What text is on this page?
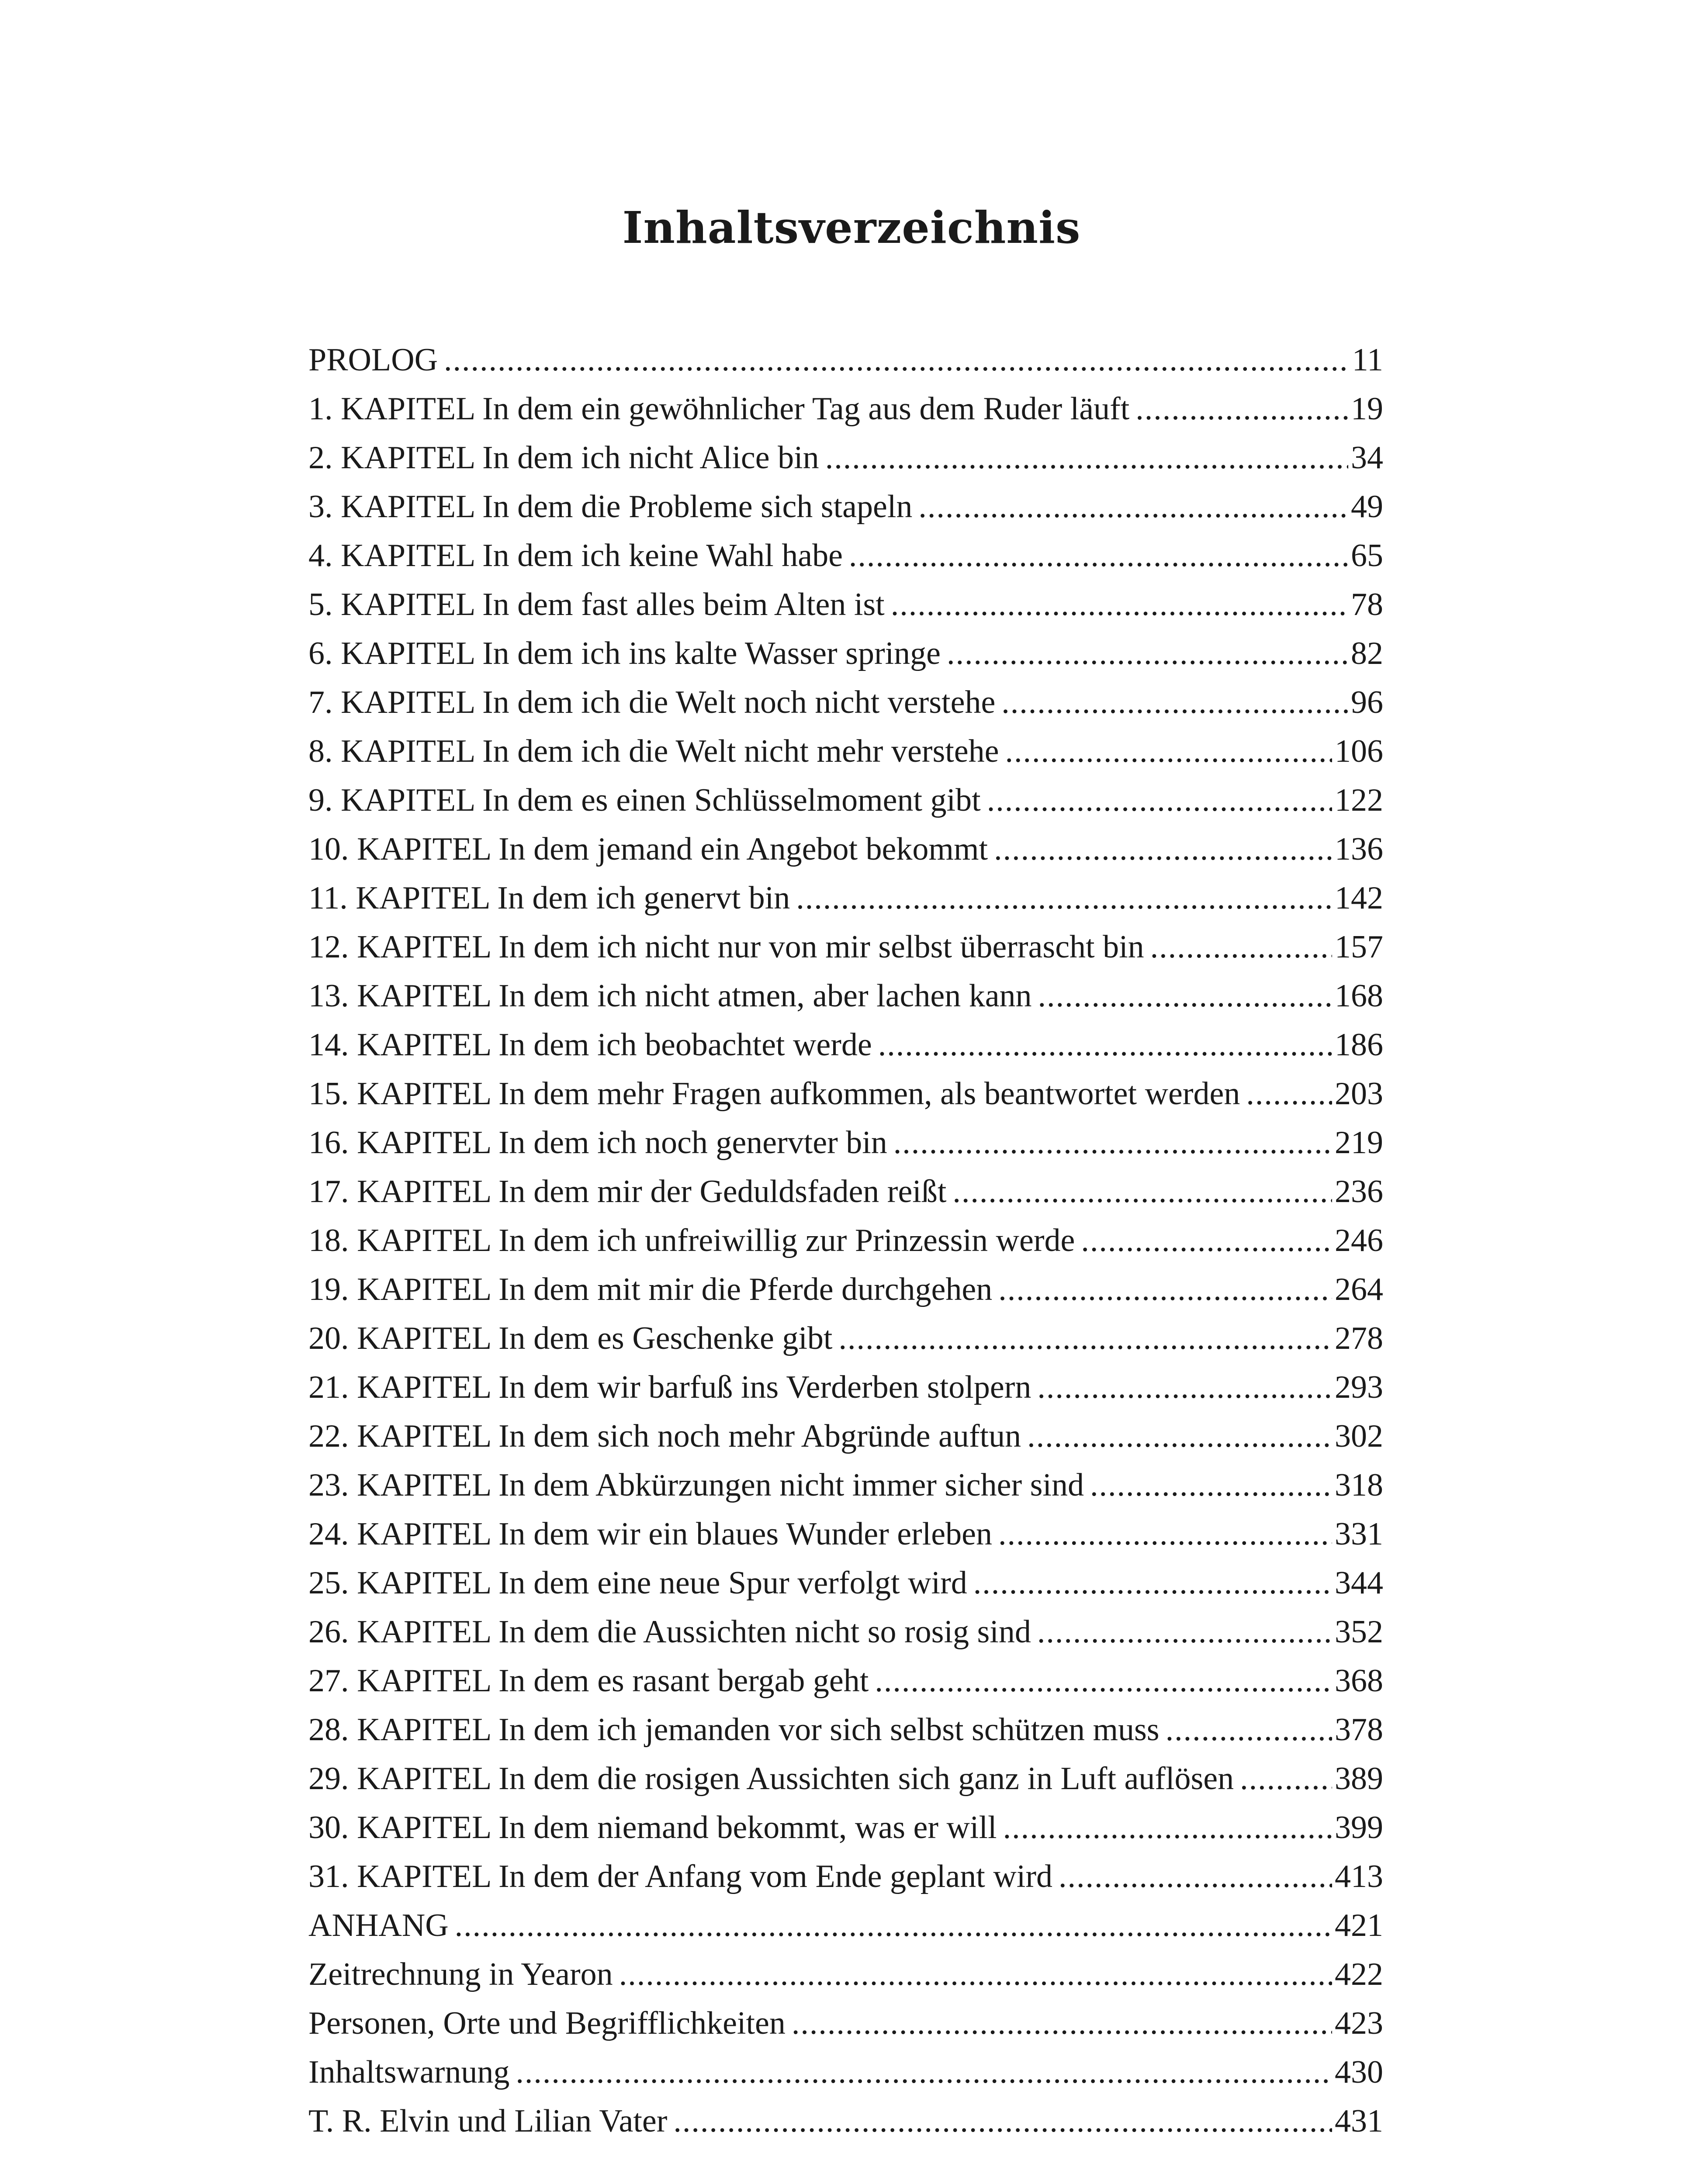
Inhaltsverzeichnis
PROLOG .....	11
1. KAPITEL In dem ein gewöhnlicher Tag aus dem Ruder läuft .....	19
2. KAPITEL In dem ich nicht Alice bin .....	34
3. KAPITEL In dem die Probleme sich stapeln .....	49
4. KAPITEL In dem ich keine Wahl habe .....	65
5. KAPITEL In dem fast alles beim Alten ist .....	78
6. KAPITEL In dem ich ins kalte Wasser springe .....	82
7. KAPITEL In dem ich die Welt noch nicht verstehe .....	96
8. KAPITEL In dem ich die Welt nicht mehr verstehe .....	106
9. KAPITEL In dem es einen Schlüsselmoment gibt .....	122
10. KAPITEL In dem jemand ein Angebot bekommt .....	136
11. KAPITEL In dem ich genervt bin .....	142
12. KAPITEL In dem ich nicht nur von mir selbst überrascht bin .....	157
13. KAPITEL In dem ich nicht atmen, aber lachen kann .....	168
14. KAPITEL In dem ich beobachtet werde .....	186
15. KAPITEL In dem mehr Fragen aufkommen, als beantwortet werden .....	203
16. KAPITEL In dem ich noch genervter bin .....	219
17. KAPITEL In dem mir der Geduldsfaden reißt .....	236
18. KAPITEL In dem ich unfreiwillig zur Prinzessin werde .....	246
19. KAPITEL In dem mit mir die Pferde durchgehen .....	264
20. KAPITEL In dem es Geschenke gibt .....	278
21. KAPITEL In dem wir barfuß ins Verderben stolpern .....	293
22. KAPITEL In dem sich noch mehr Abgründe auftun .....	302
23. KAPITEL In dem Abkürzungen nicht immer sicher sind .....	318
24. KAPITEL In dem wir ein blaues Wunder erleben .....	331
25. KAPITEL In dem eine neue Spur verfolgt wird .....	344
26. KAPITEL In dem die Aussichten nicht so rosig sind .....	352
27. KAPITEL In dem es rasant bergab geht .....	368
28. KAPITEL In dem ich jemanden vor sich selbst schützen muss .....	378
29. KAPITEL In dem die rosigen Aussichten sich ganz in Luft auflösen .....	389
30. KAPITEL In dem niemand bekommt, was er will .....	399
31. KAPITEL In dem der Anfang vom Ende geplant wird .....	413
ANHANG .....	421
Zeitrechnung in Yearon .....	422
Personen, Orte und Begrifflichkeiten .....	423
Inhaltswarnung .....	430
T. R. Elvin und Lilian Vater .....	431
